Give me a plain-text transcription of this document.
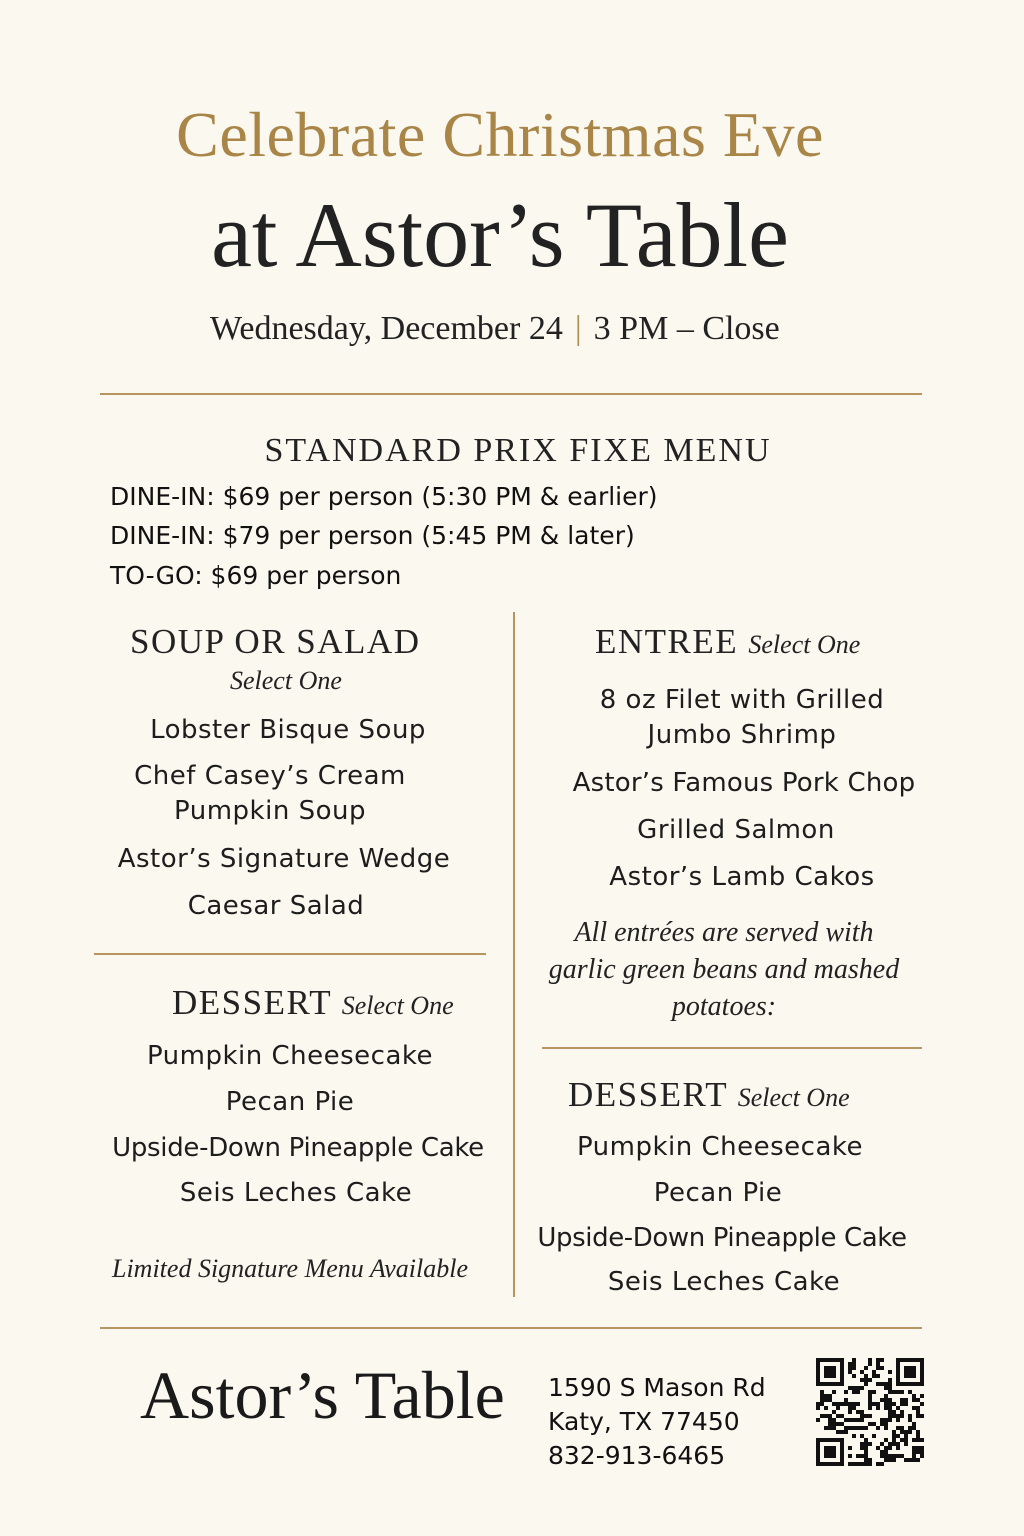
Celebrate Christmas Eve
at Astor’s Table
Wednesday, December 24 | 3 PM – Close
STANDARD PRIX FIXE MENU
DINE-IN: $69 per person (5:30 PM & earlier)
DINE-IN: $79 per person (5:45 PM & later)
TO-GO: $69 per person
SOUP OR SALAD
Select One
Lobster Bisque Soup
Chef Casey’s Cream Pumpkin Soup
Astor’s Signature Wedge
Caesar Salad
DESSERT Select One
Pumpkin Cheesecake
Pecan Pie
Upside-Down Pineapple Cake
Seis Leches Cake
Limited Signature Menu Available
ENTREE Select One
8 oz Filet with Grilled Jumbo Shrimp
Astor’s Famous Pork Chop
Grilled Salmon
Astor’s Lamb Cakos
All entrées are served with garlic green beans and mashed potatoes:
DESSERT Select One
Pumpkin Cheesecake
Pecan Pie
Upside-Down Pineapple Cake
Seis Leches Cake
Astor’s Table 1590 S Mason Rd
Katy, TX 77450
832-913-6465
